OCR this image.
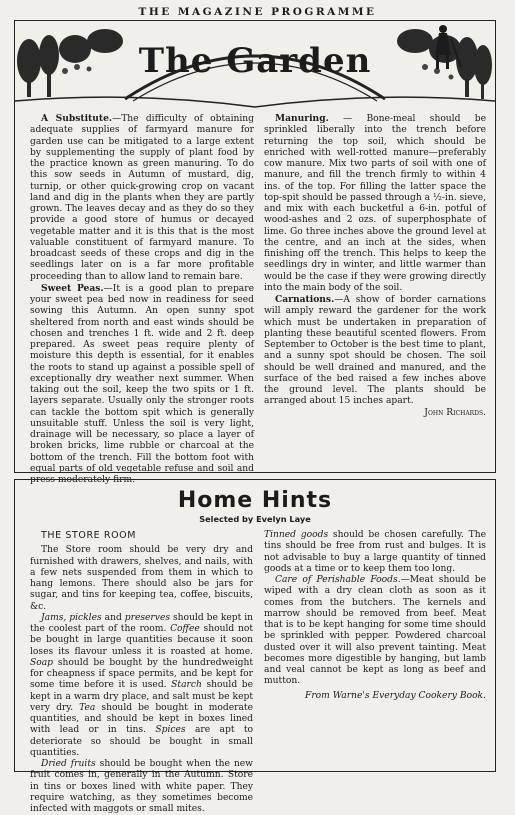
THE MAGAZINE PROGRAMME
The Garden

A Substitute.—The difficulty of obtaining adequate supplies of farmyard manure for garden use can be mitigated to a large extent by supplementing the supply of plant food by the practice known as green manuring. To do this sow seeds in Autumn of mustard, dig, turnip, or other quick-growing crop on vacant land and dig in the plants when they are partly grown. The leaves decay and as they do so they provide a good store of humus or decayed vegetable matter and it is this that is the most valuable constituent of farmyard manure. To broadcast seeds of these crops and dig in the seedlings later on is a far more profitable proceeding than to allow land to remain bare.

Sweet Peas.—It is a good plan to prepare your sweet pea bed now in readiness for seed sowing this Autumn. An open sunny spot sheltered from north and east winds should be chosen and trenches 1 ft. wide and 2 ft. deep prepared. As sweet peas require plenty of moisture this depth is essential, for it enables the roots to stand up against a possible spell of exceptionally dry weather next summer. When taking out the soil, keep the two spits or 1 ft. layers separate. Usually only the stronger roots can tackle the bottom spit which is generally unsuitable stuff. Unless the soil is very light, drainage will be necessary, so place a layer of broken bricks, lime rubble or charcoal at the bottom of the trench. Fill the bottom foot with equal parts of old vegetable refuse and soil and press moderately firm.

Manuring. — Bone-meal should be sprinkled liberally into the trench before returning the top soil, which should be enriched with well-rotted manure—preferably cow manure. Mix two parts of soil with one of manure, and fill the trench firmly to within 4 ins. of the top. For filling the latter space the top-spit should be passed through a ½-in. sieve, and mix with each bucketful a 6-in. potful of wood-ashes and 2 ozs. of superphosphate of lime. Go three inches above the ground level at the centre, and an inch at the sides, when finishing off the trench. This helps to keep the seedlings dry in winter, and little warmer than would be the case if they were growing directly into the main body of the soil.

Carnations.—A show of border carnations will amply reward the gardener for the work which must be undertaken in preparation of planting these beautiful scented flowers. From September to October is the best time to plant, and a sunny spot should be chosen. The soil should be well drained and manured, and the surface of the bed raised a few inches above the ground level. The plants should be arranged about 15 inches apart.
John Richards.

Home Hints
Selected by Evelyn Laye

THE STORE ROOM

The Store room should be very dry and furnished with drawers, shelves, and nails, with a few nets suspended from them in which to hang lemons. There should also be jars for sugar, and tins for keeping tea, coffee, biscuits, &c.

Jams, pickles and preserves should be kept in the coolest part of the room. Coffee should not be bought in large quantities because it soon loses its flavour unless it is roasted at home. Soap should be bought by the hundredweight for cheapness if space permits, and be kept for some time before it is used. Starch should be kept in a warm dry place, and salt must be kept very dry. Tea should be bought in moderate quantities, and should be kept in boxes lined with lead or in tins. Spices are apt to deteriorate so should be bought in small quantities.

Dried fruits should be bought when the new fruit comes in, generally in the Autumn. Store in tins or boxes lined with white paper. They require watching, as they sometimes become infected with maggots or small mites.

Tinned goods should be chosen carefully. The tins should be free from rust and bulges. It is not advisable to buy a large quantity of tinned goods at a time or to keep them too long.

Care of Perishable Foods.—Meat should be wiped with a dry clean cloth as soon as it comes from the butchers. The kernels and marrow should be removed from beef. Meat that is to be kept hanging for some time should be sprinkled with pepper. Powdered charcoal dusted over it will also prevent tainting. Meat becomes more digestible by hanging, but lamb and veal cannot be kept as long as beef and mutton.

From Warne's Everyday Cookery Book.
